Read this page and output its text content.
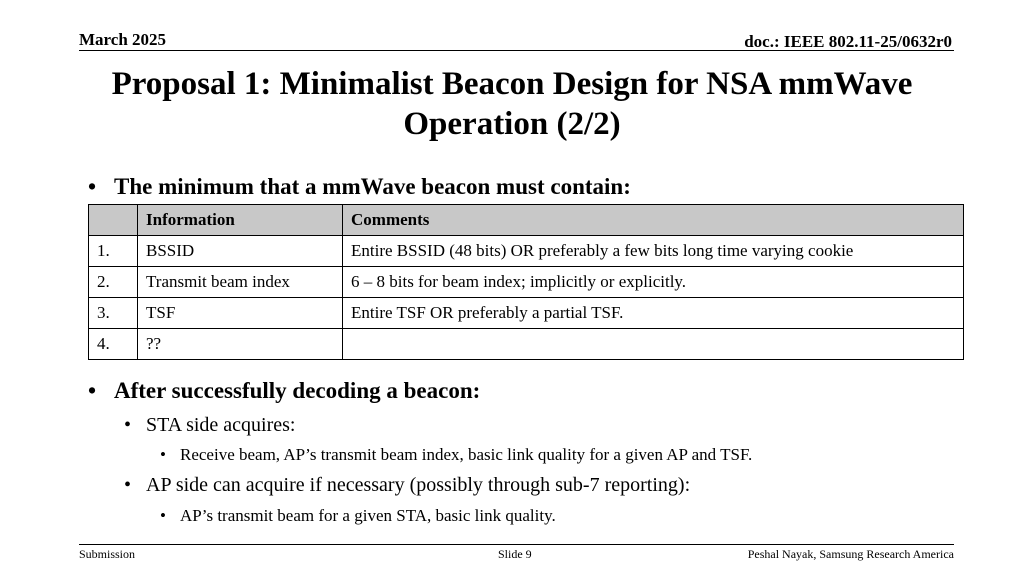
March 2025	doc.: IEEE 802.11-25/0632r0
Proposal 1: Minimalist Beacon Design for NSA mmWave Operation (2/2)
• The minimum that a mmWave beacon must contain:
	Information	Comments
1.	BSSID	Entire BSSID (48 bits) OR preferably a few bits long time varying cookie
2.	Transmit beam index	6 – 8 bits for beam index; implicitly or explicitly.
3.	TSF	Entire TSF OR preferably a partial TSF.
4.	??	
• After successfully decoding a beacon:
• STA side acquires:
• Receive beam, AP’s transmit beam index, basic link quality for a given AP and TSF.
• AP side can acquire if necessary (possibly through sub-7 reporting):
• AP’s transmit beam for a given STA, basic link quality.
Submission	Slide 9	Peshal Nayak, Samsung Research America
